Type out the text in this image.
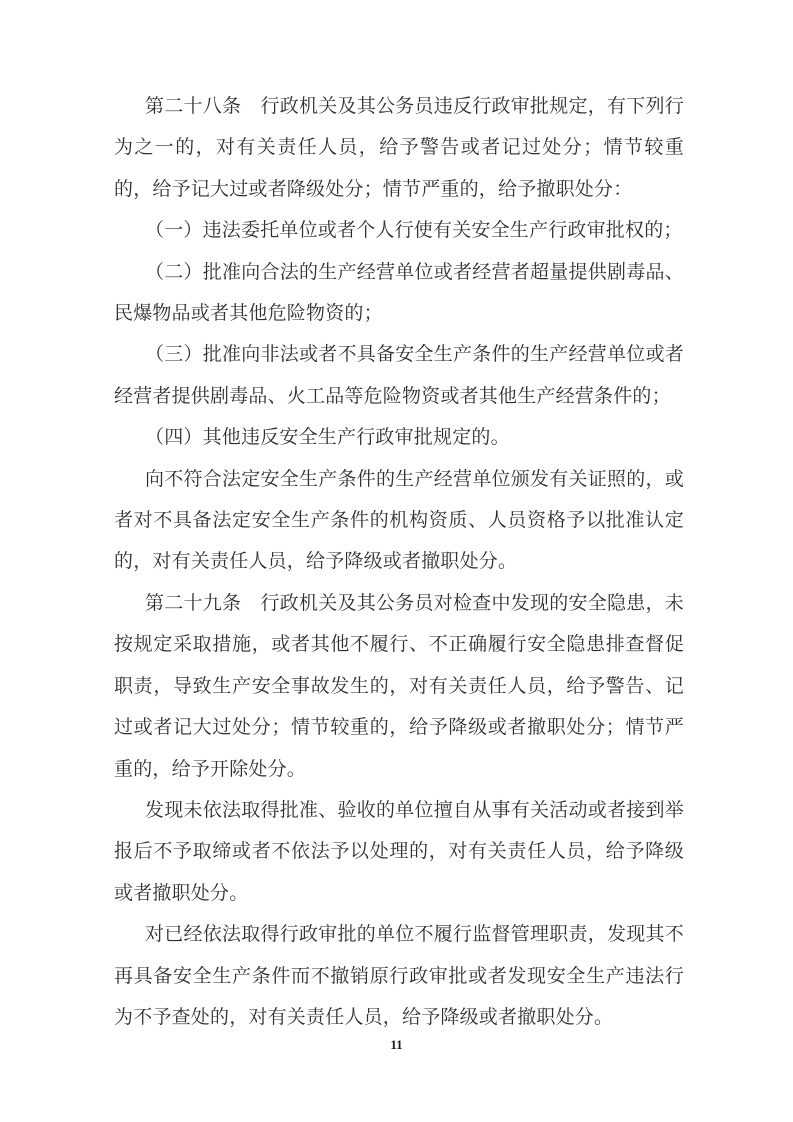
第二十八条　行政机关及其公务员违反行政审批规定，有下列行为之一的，对有关责任人员，给予警告或者记过处分；情节较重的，给予记大过或者降级处分；情节严重的，给予撤职处分：

（一）违法委托单位或者个人行使有关安全生产行政审批权的；

（二）批准向合法的生产经营单位或者经营者超量提供剧毒品、民爆物品或者其他危险物资的；

（三）批准向非法或者不具备安全生产条件的生产经营单位或者经营者提供剧毒品、火工品等危险物资或者其他生产经营条件的；

（四）其他违反安全生产行政审批规定的。

向不符合法定安全生产条件的生产经营单位颁发有关证照的，或者对不具备法定安全生产条件的机构资质、人员资格予以批准认定的，对有关责任人员，给予降级或者撤职处分。

第二十九条　行政机关及其公务员对检查中发现的安全隐患，未按规定采取措施，或者其他不履行、不正确履行安全隐患排查督促职责，导致生产安全事故发生的，对有关责任人员，给予警告、记过或者记大过处分；情节较重的，给予降级或者撤职处分；情节严重的，给予开除处分。

发现未依法取得批准、验收的单位擅自从事有关活动或者接到举报后不予取缔或者不依法予以处理的，对有关责任人员，给予降级或者撤职处分。

对已经依法取得行政审批的单位不履行监督管理职责，发现其不再具备安全生产条件而不撤销原行政审批或者发现安全生产违法行为不予查处的，对有关责任人员，给予降级或者撤职处分。

11
